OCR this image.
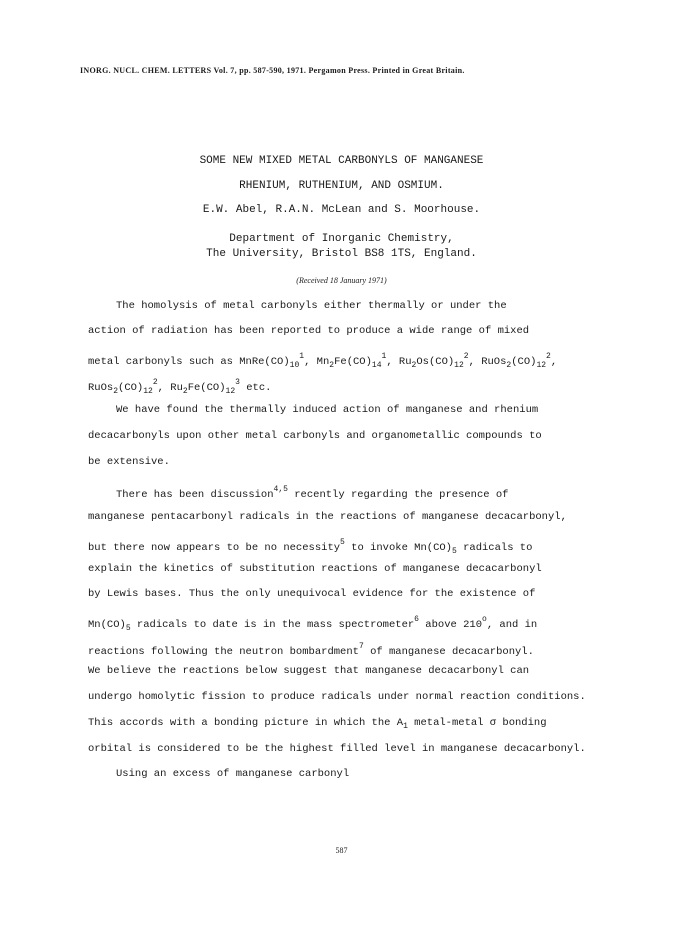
INORG. NUCL. CHEM. LETTERS Vol. 7, pp. 587-590, 1971. Pergamon Press. Printed in Great Britain.
SOME NEW MIXED METAL CARBONYLS OF MANGANESE
RHENIUM, RUTHENIUM, AND OSMIUM.
E.W. Abel, R.A.N. McLean and S. Moorhouse.
Department of Inorganic Chemistry,
The University, Bristol BS8 1TS, England.
(Received 18 January 1971)
The homolysis of metal carbonyls either thermally or under the
action of radiation has been reported to produce a wide range of mixed
metal carbonyls such as $MnRe(CO)_{10}^1$, $Mn_2Fe(CO)_{14}^1$, $Ru_2Os(CO)_{12}^2$, $RuOs_2(CO)_{12}^2$,
$RuOs_2(CO)_{12}^2$, $Ru_2Fe(CO)_{12}^3$ etc.
We have found the thermally induced action of manganese and rhenium
decacarbonyls upon other metal carbonyls and organometallic compounds to
be extensive.
There has been discussion$^{4,5}$ recently regarding the presence of
manganese pentacarbonyl radicals in the reactions of manganese decacarbonyl,
but there now appears to be no necessity$^5$ to invoke $Mn(CO)_5$ radicals to
explain the kinetics of substitution reactions of manganese decacarbonyl
by Lewis bases. Thus the only unequivocal evidence for the existence of
$Mn(CO)_5$ radicals to date is in the mass spectrometer$^6$ above 210$^o$, and in
reactions following the neutron bombardment$^7$ of manganese decacarbonyl.
We believe the reactions below suggest that manganese decacarbonyl can
undergo homolytic fission to produce radicals under normal reaction conditions.
This accords with a bonding picture in which the $A_1$ metal-metal σ bonding
orbital is considered to be the highest filled level in manganese decacarbonyl.
Using an excess of manganese carbonyl
587
